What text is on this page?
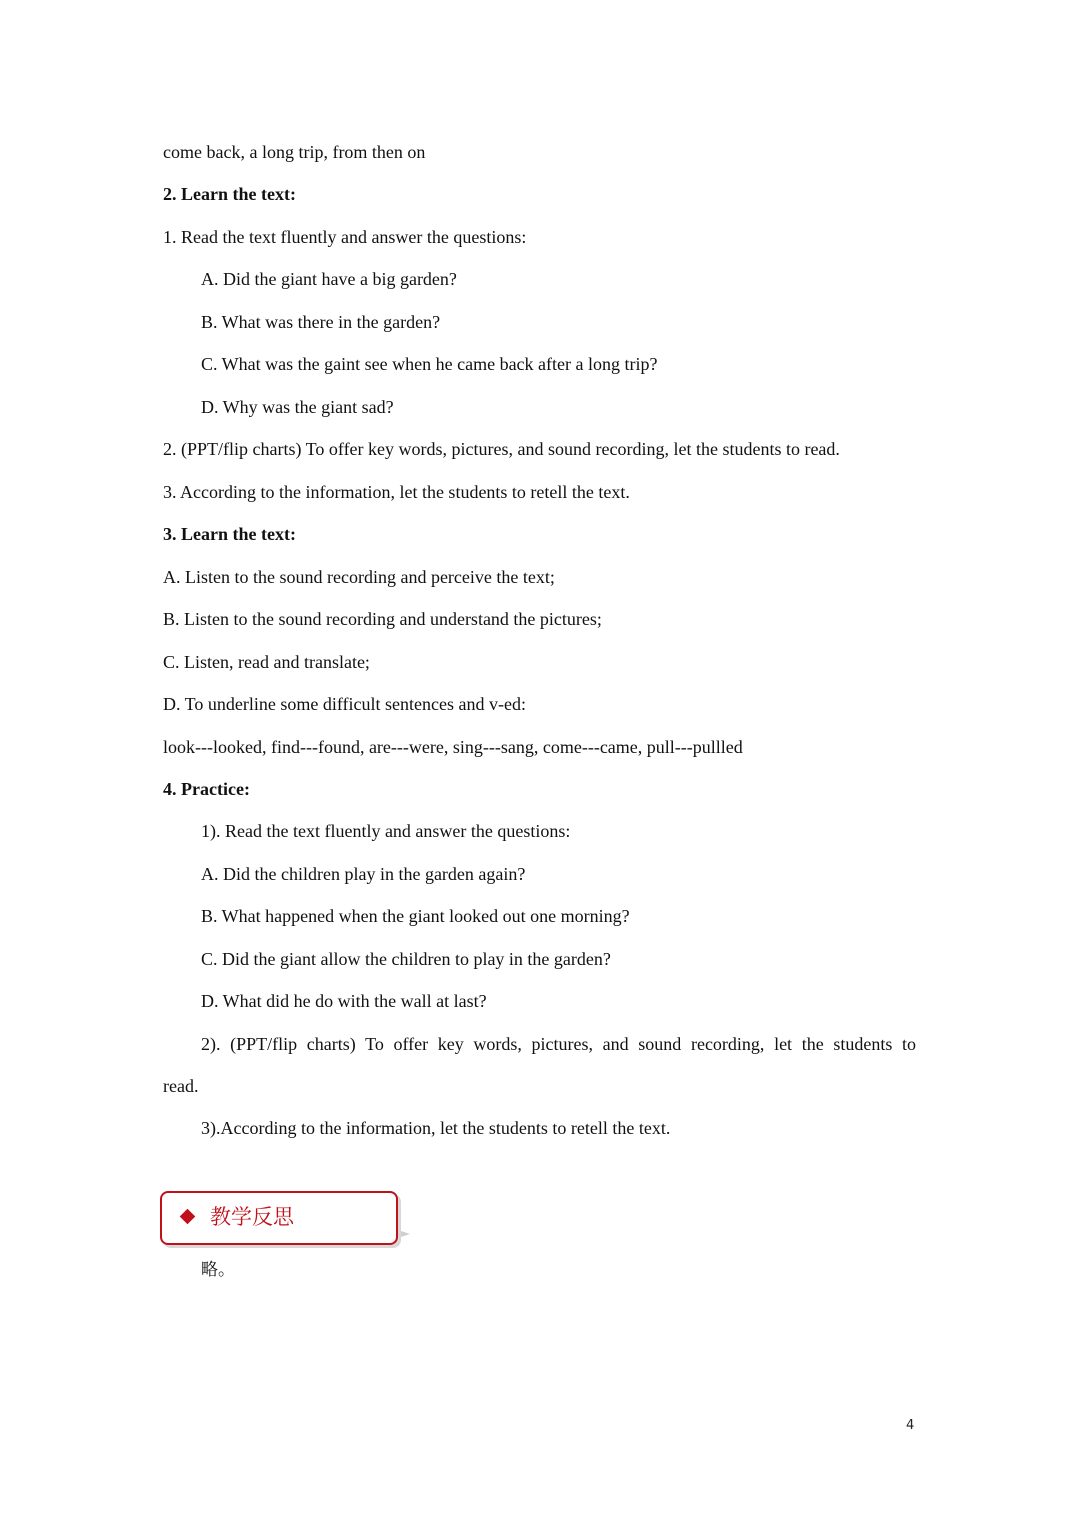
come back, a long trip, from then on
2. Learn the text:
1. Read the text fluently and answer the questions:
A. Did the giant have a big garden?
B. What was there in the garden?
C. What was the gaint see when he came back after a long trip?
D. Why was the giant sad?
2. (PPT/flip charts) To offer key words, pictures, and sound recording, let the students to read.
3. According to the information, let the students to retell the text.
3. Learn the text:
A. Listen to the sound recording and perceive the text;
B. Listen to the sound recording and understand the pictures;
C. Listen, read and translate;
D. To underline some difficult sentences and v-ed:
look---looked, find---found, are---were, sing---sang, come---came, pull---pullled
4. Practice:
1). Read the text fluently and answer the questions:
A. Did the children play in the garden again?
B. What happened when the giant looked out one morning?
C. Did the giant allow the children to play in the garden?
D. What did he do with the wall at last?
2). (PPT/flip charts) To offer key words, pictures, and sound recording, let the students to
read.
3).According to the information, let the students to retell the text.
教学反思
略。
4
